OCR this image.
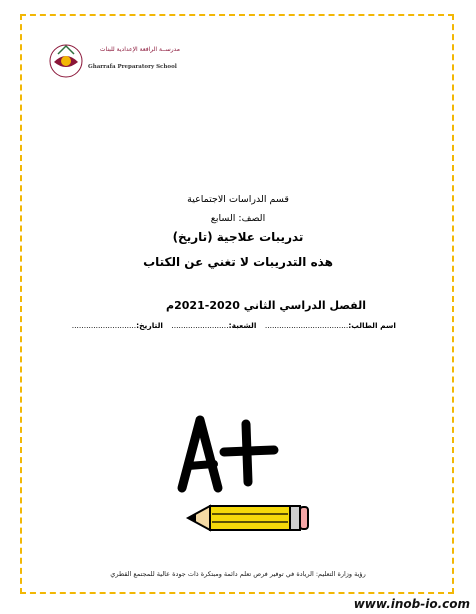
مدرســة الرافعة الإعدادية للبنات
Gharrafa Preparatory School
قسم الدراسات الاجتماعية
الصف: السابع
تدريبات علاجية (تاريخ)
هذه التدريبات لا تغني عن الكتاب
الفصل الدراسي الثاني 2020-2021م
اسم الطالب:................................... الشعبة:........................ التاريخ:...........................
رؤية وزارة التعليم: الريادة في توفير فرص تعلم دائمة ومبتكرة ذات جودة عالية للمجتمع القطري
www.inob-io.com
